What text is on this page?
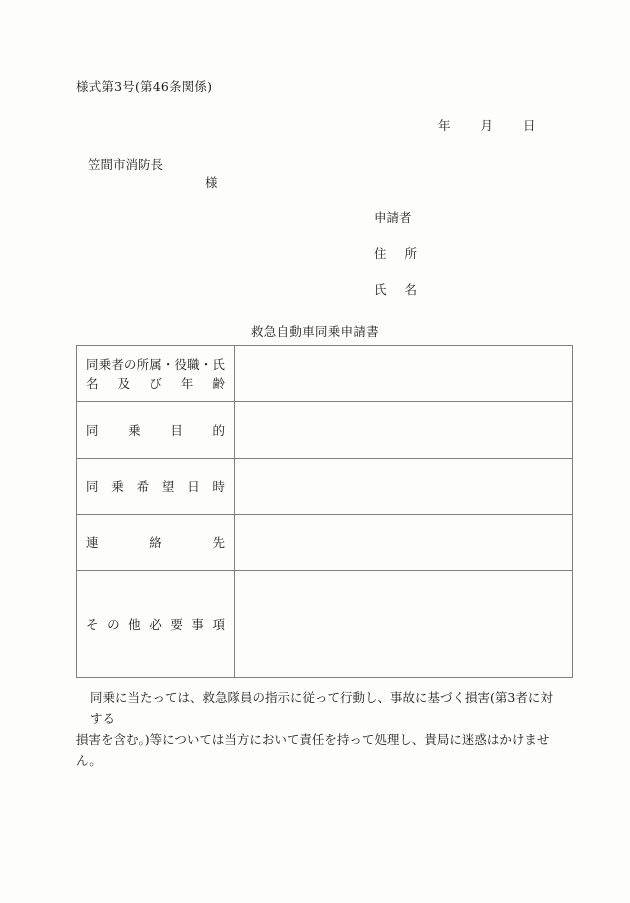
様式第3号(第46条関係)
年 月 日
笠間市消防長
様
申請者
住 所
氏 名
救急自動車同乗申請書
同 乗 者 の 所 属 ・ 役 職 ・ 氏
名 及 び 年 齢

同 乗 目 的	

同 乗 希 望 日 時

連 絡 先	

そ の 他 必 要 事 項

同乗に当たっては、救急隊員の指示に従って行動し、事故に基づく損害(第3者に対する
損害を含む。)等については当方において責任を持って処理し、貴局に迷惑はかけません。
